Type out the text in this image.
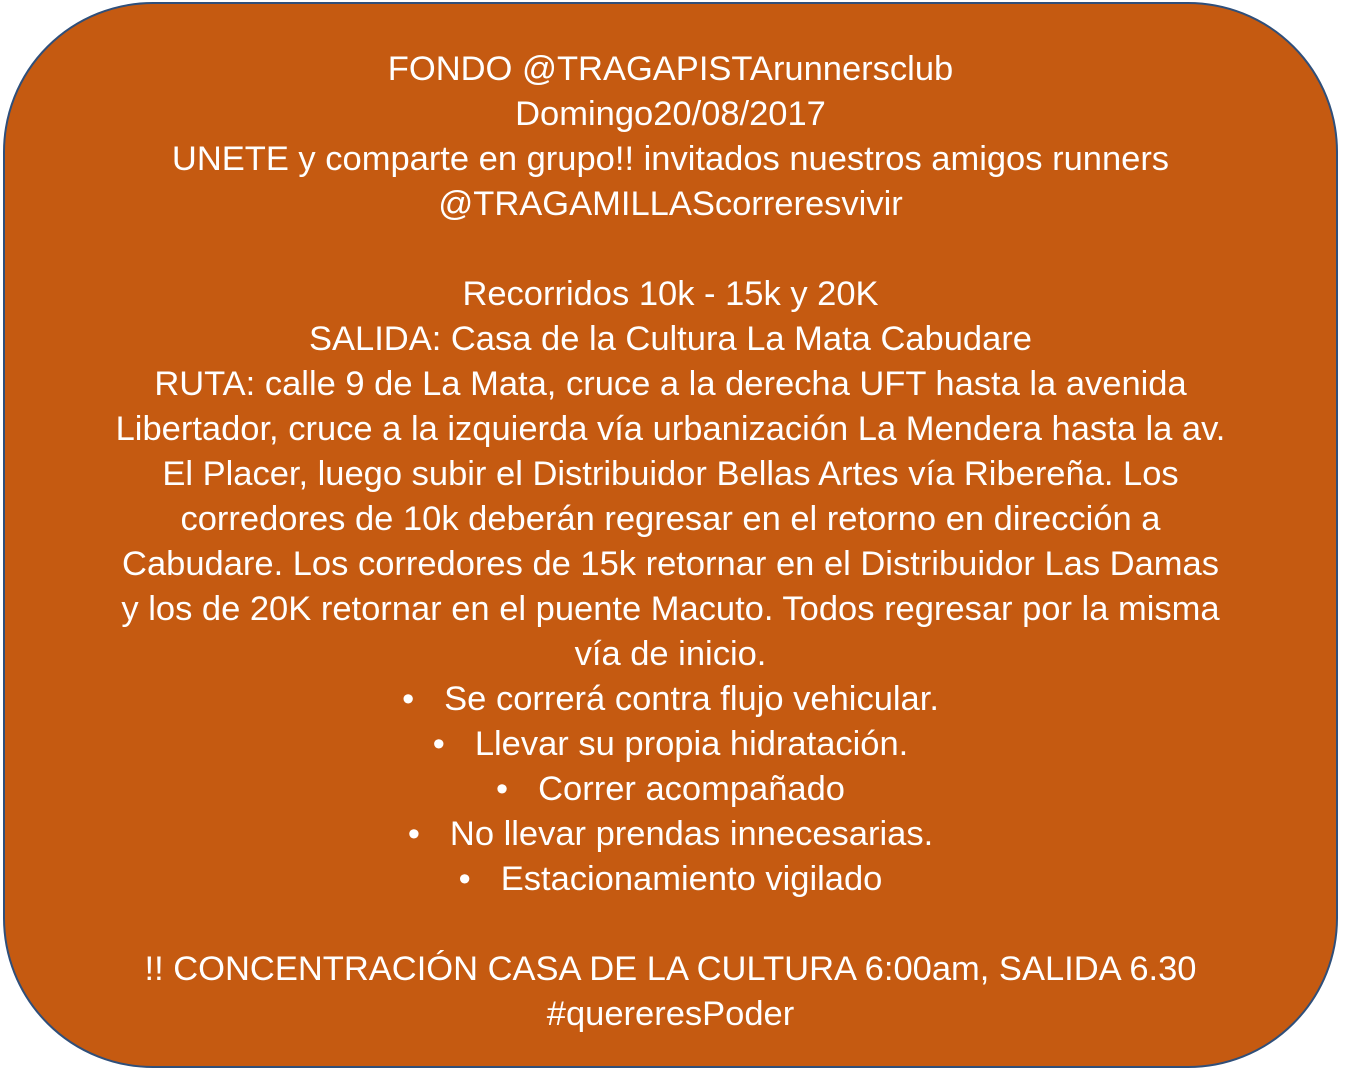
FONDO @TRAGAPISTArunnersclub
Domingo20/08/2017
UNETE y comparte en grupo!! invitados nuestros amigos runners
@TRAGAMILLAScorreresvivir
Recorridos 10k - 15k y 20K
SALIDA: Casa de la Cultura La Mata Cabudare
RUTA: calle 9 de La Mata, cruce a la derecha UFT hasta la avenida
Libertador, cruce a la izquierda vía urbanización La Mendera hasta la av.
El Placer, luego subir el Distribuidor Bellas Artes vía Ribereña. Los
corredores de 10k deberán regresar en el retorno en dirección a
Cabudare. Los corredores de 15k retornar en el Distribuidor Las Damas
y los de 20K retornar en el puente Macuto. Todos regresar por la misma
vía de inicio.
• Se correrá contra flujo vehicular.
• Llevar su propia hidratación.
• Correr acompañado
• No llevar prendas innecesarias.
• Estacionamiento vigilado
!! CONCENTRACIÓN CASA DE LA CULTURA 6:00am, SALIDA 6.30
#quereresPoder
